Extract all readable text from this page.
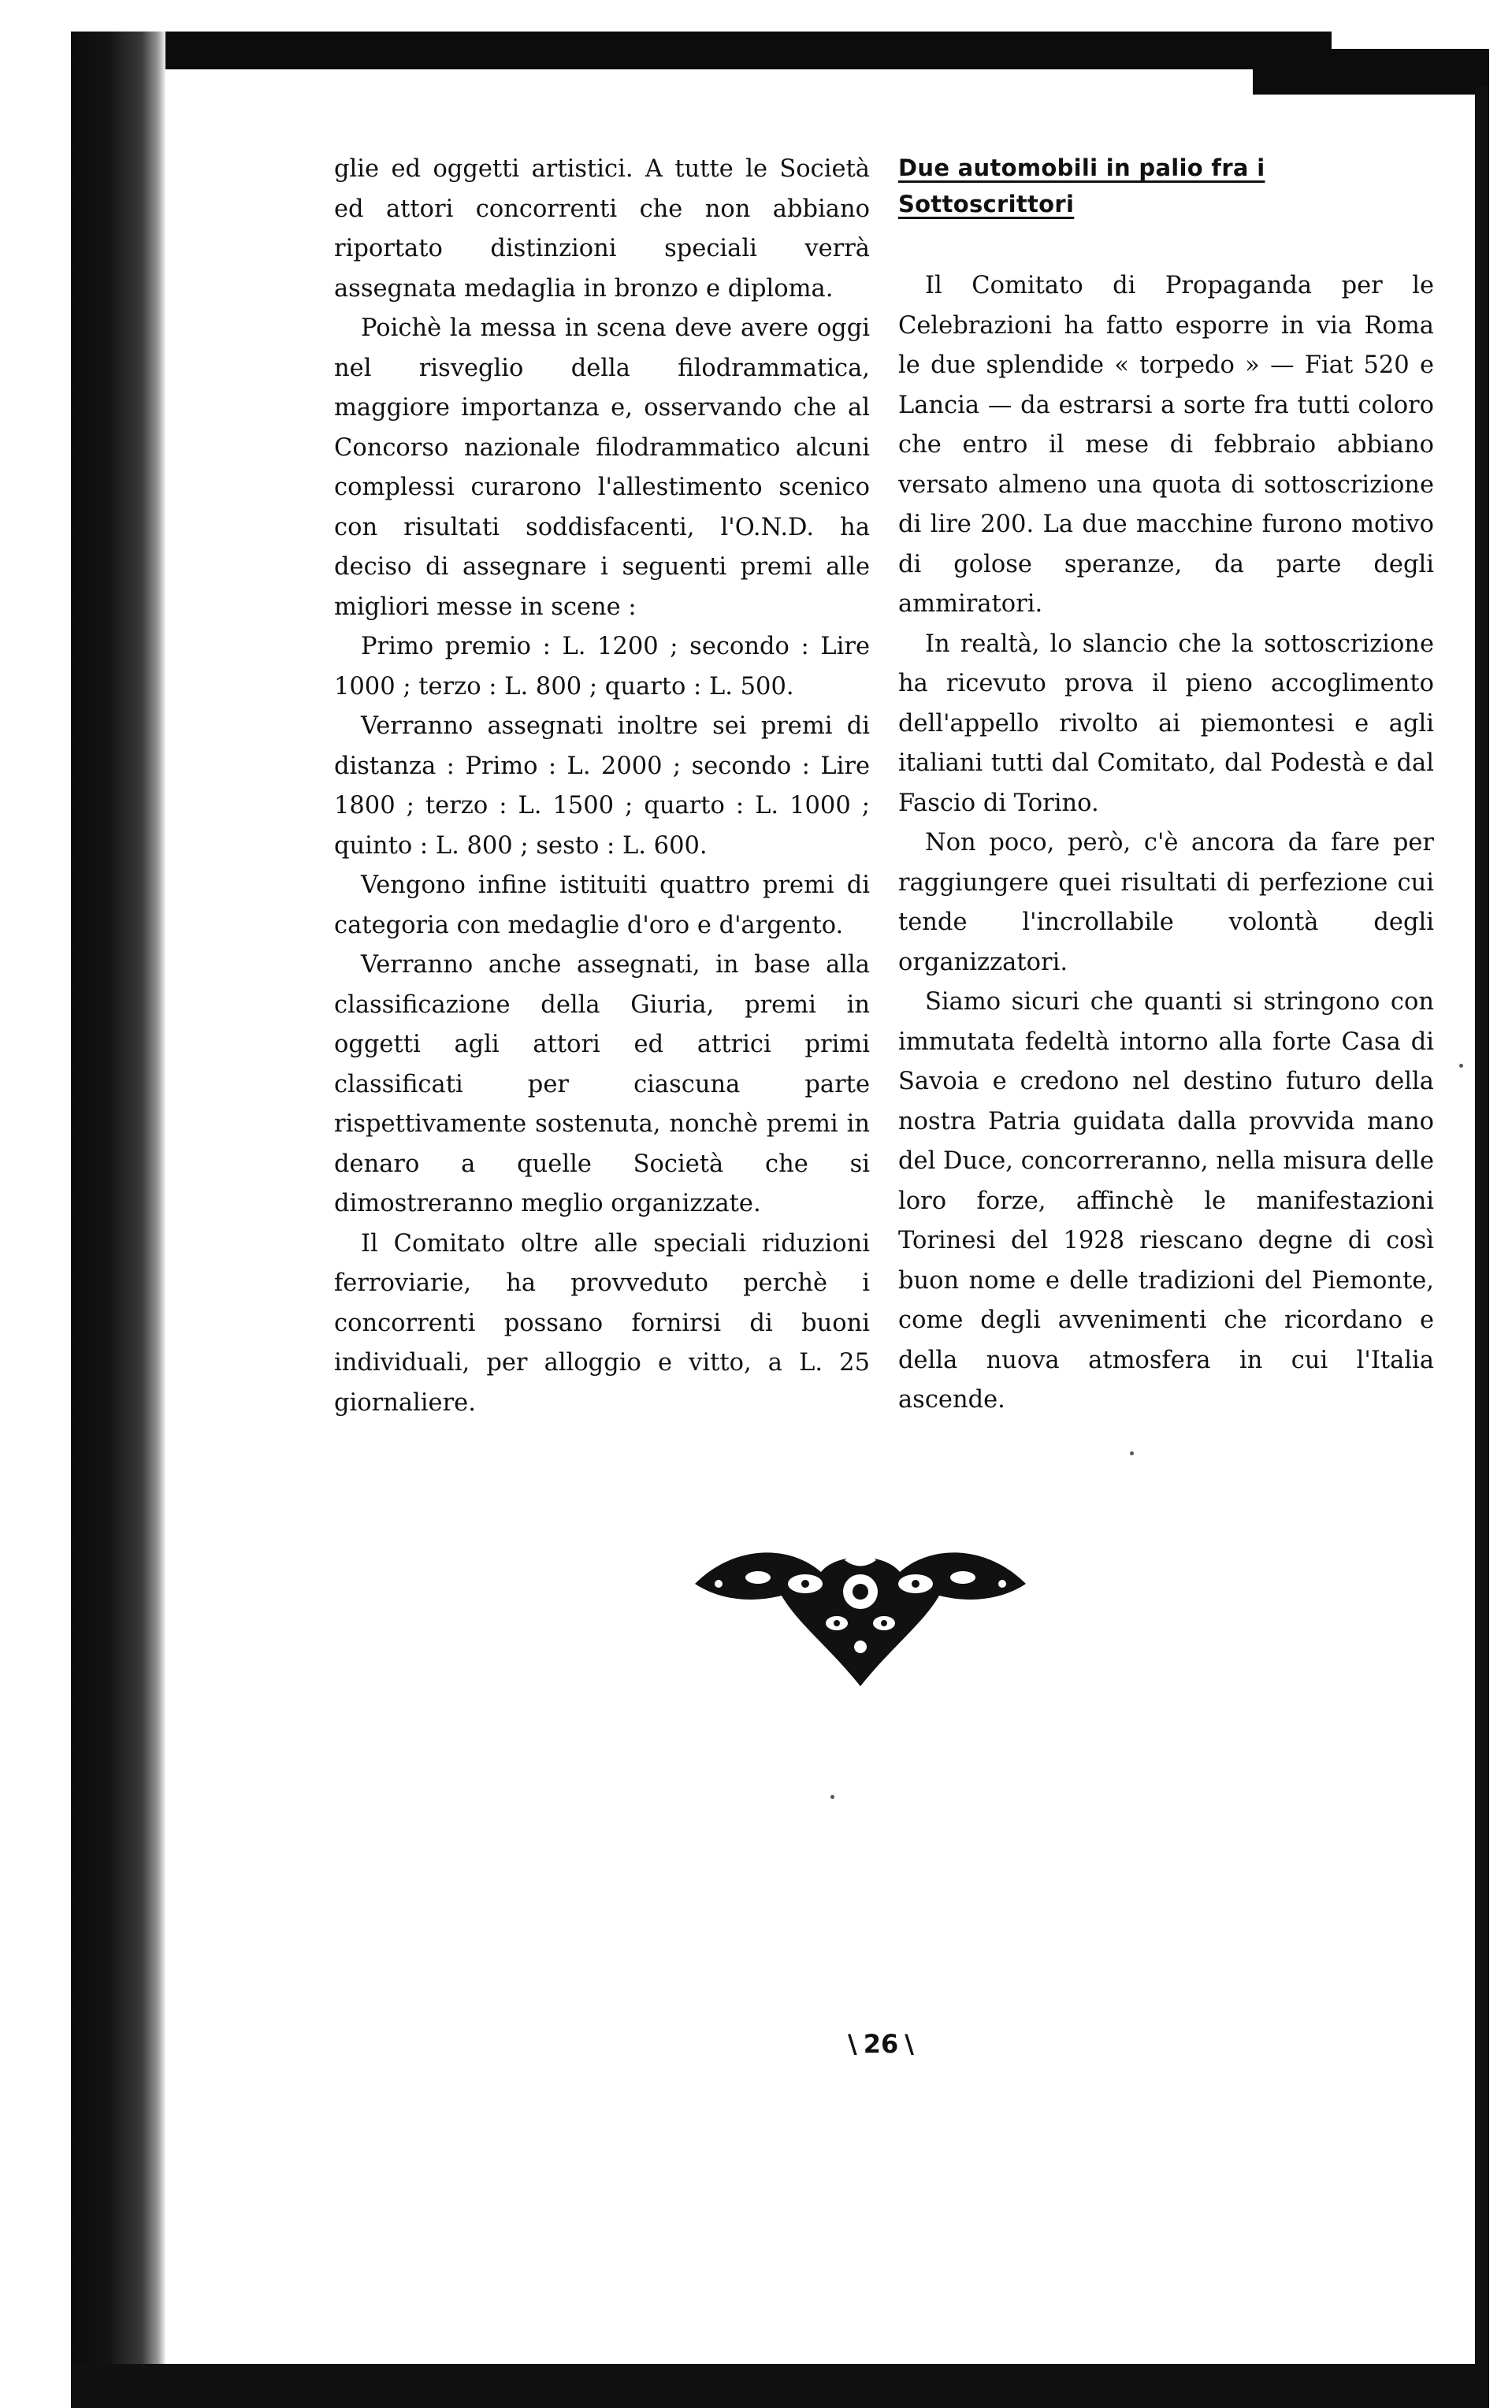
glie ed oggetti artistici. A tutte le Società ed attori concorrenti che non abbiano riportato distinzioni speciali verrà assegnata medaglia in bronzo e diploma.

Poichè la messa in scena deve avere oggi nel risveglio della filodrammatica, maggiore importanza e, osservando che al Concorso nazionale filodrammatico alcuni complessi curarono l'allestimento scenico con risultati soddisfacenti, l'O.N.D. ha deciso di assegnare i seguenti premi alle migliori messe in scene :

Primo premio : L. 1200 ; secondo : Lire 1000 ; terzo : L. 800 ; quarto : L. 500.

Verranno assegnati inoltre sei premi di distanza : Primo : L. 2000 ; secondo : Lire 1800 ; terzo : L. 1500 ; quarto : L. 1000 ; quinto : L. 800 ; sesto : L. 600.

Vengono infine istituiti quattro premi di categoria con medaglie d'oro e d'argento.

Verranno anche assegnati, in base alla classificazione della Giuria, premi in oggetti agli attori ed attrici primi classificati per ciascuna parte rispettivamente sostenuta, nonchè premi in denaro a quelle Società che si dimostreranno meglio organizzate.

Il Comitato oltre alle speciali riduzioni ferroviarie, ha provveduto perchè i concorrenti possano fornirsi di buoni individuali, per alloggio e vitto, a L. 25 giornaliere.

Due automobili in palio fra i Sottoscrittori

Il Comitato di Propaganda per le Celebrazioni ha fatto esporre in via Roma le due splendide « torpedo » — Fiat 520 e Lancia — da estrarsi a sorte fra tutti coloro che entro il mese di febbraio abbiano versato almeno una quota di sottoscrizione di lire 200. La due macchine furono motivo di golose speranze, da parte degli ammiratori.

In realtà, lo slancio che la sottoscrizione ha ricevuto prova il pieno accoglimento dell'appello rivolto ai piemontesi e agli italiani tutti dal Comitato, dal Podestà e dal Fascio di Torino.

Non poco, però, c'è ancora da fare per raggiungere quei risultati di perfezione cui tende l'incrollabile volontà degli organizzatori.

Siamo sicuri che quanti si stringono con immutata fedeltà intorno alla forte Casa di Savoia e credono nel destino futuro della nostra Patria guidata dalla provvida mano del Duce, concorreranno, nella misura delle loro forze, affinchè le manifestazioni Torinesi del 1928 riescano degne di così buon nome e delle tradizioni del Piemonte, come degli avvenimenti che ricordano e della nuova atmosfera in cui l'Italia ascende.

\ 26 \
